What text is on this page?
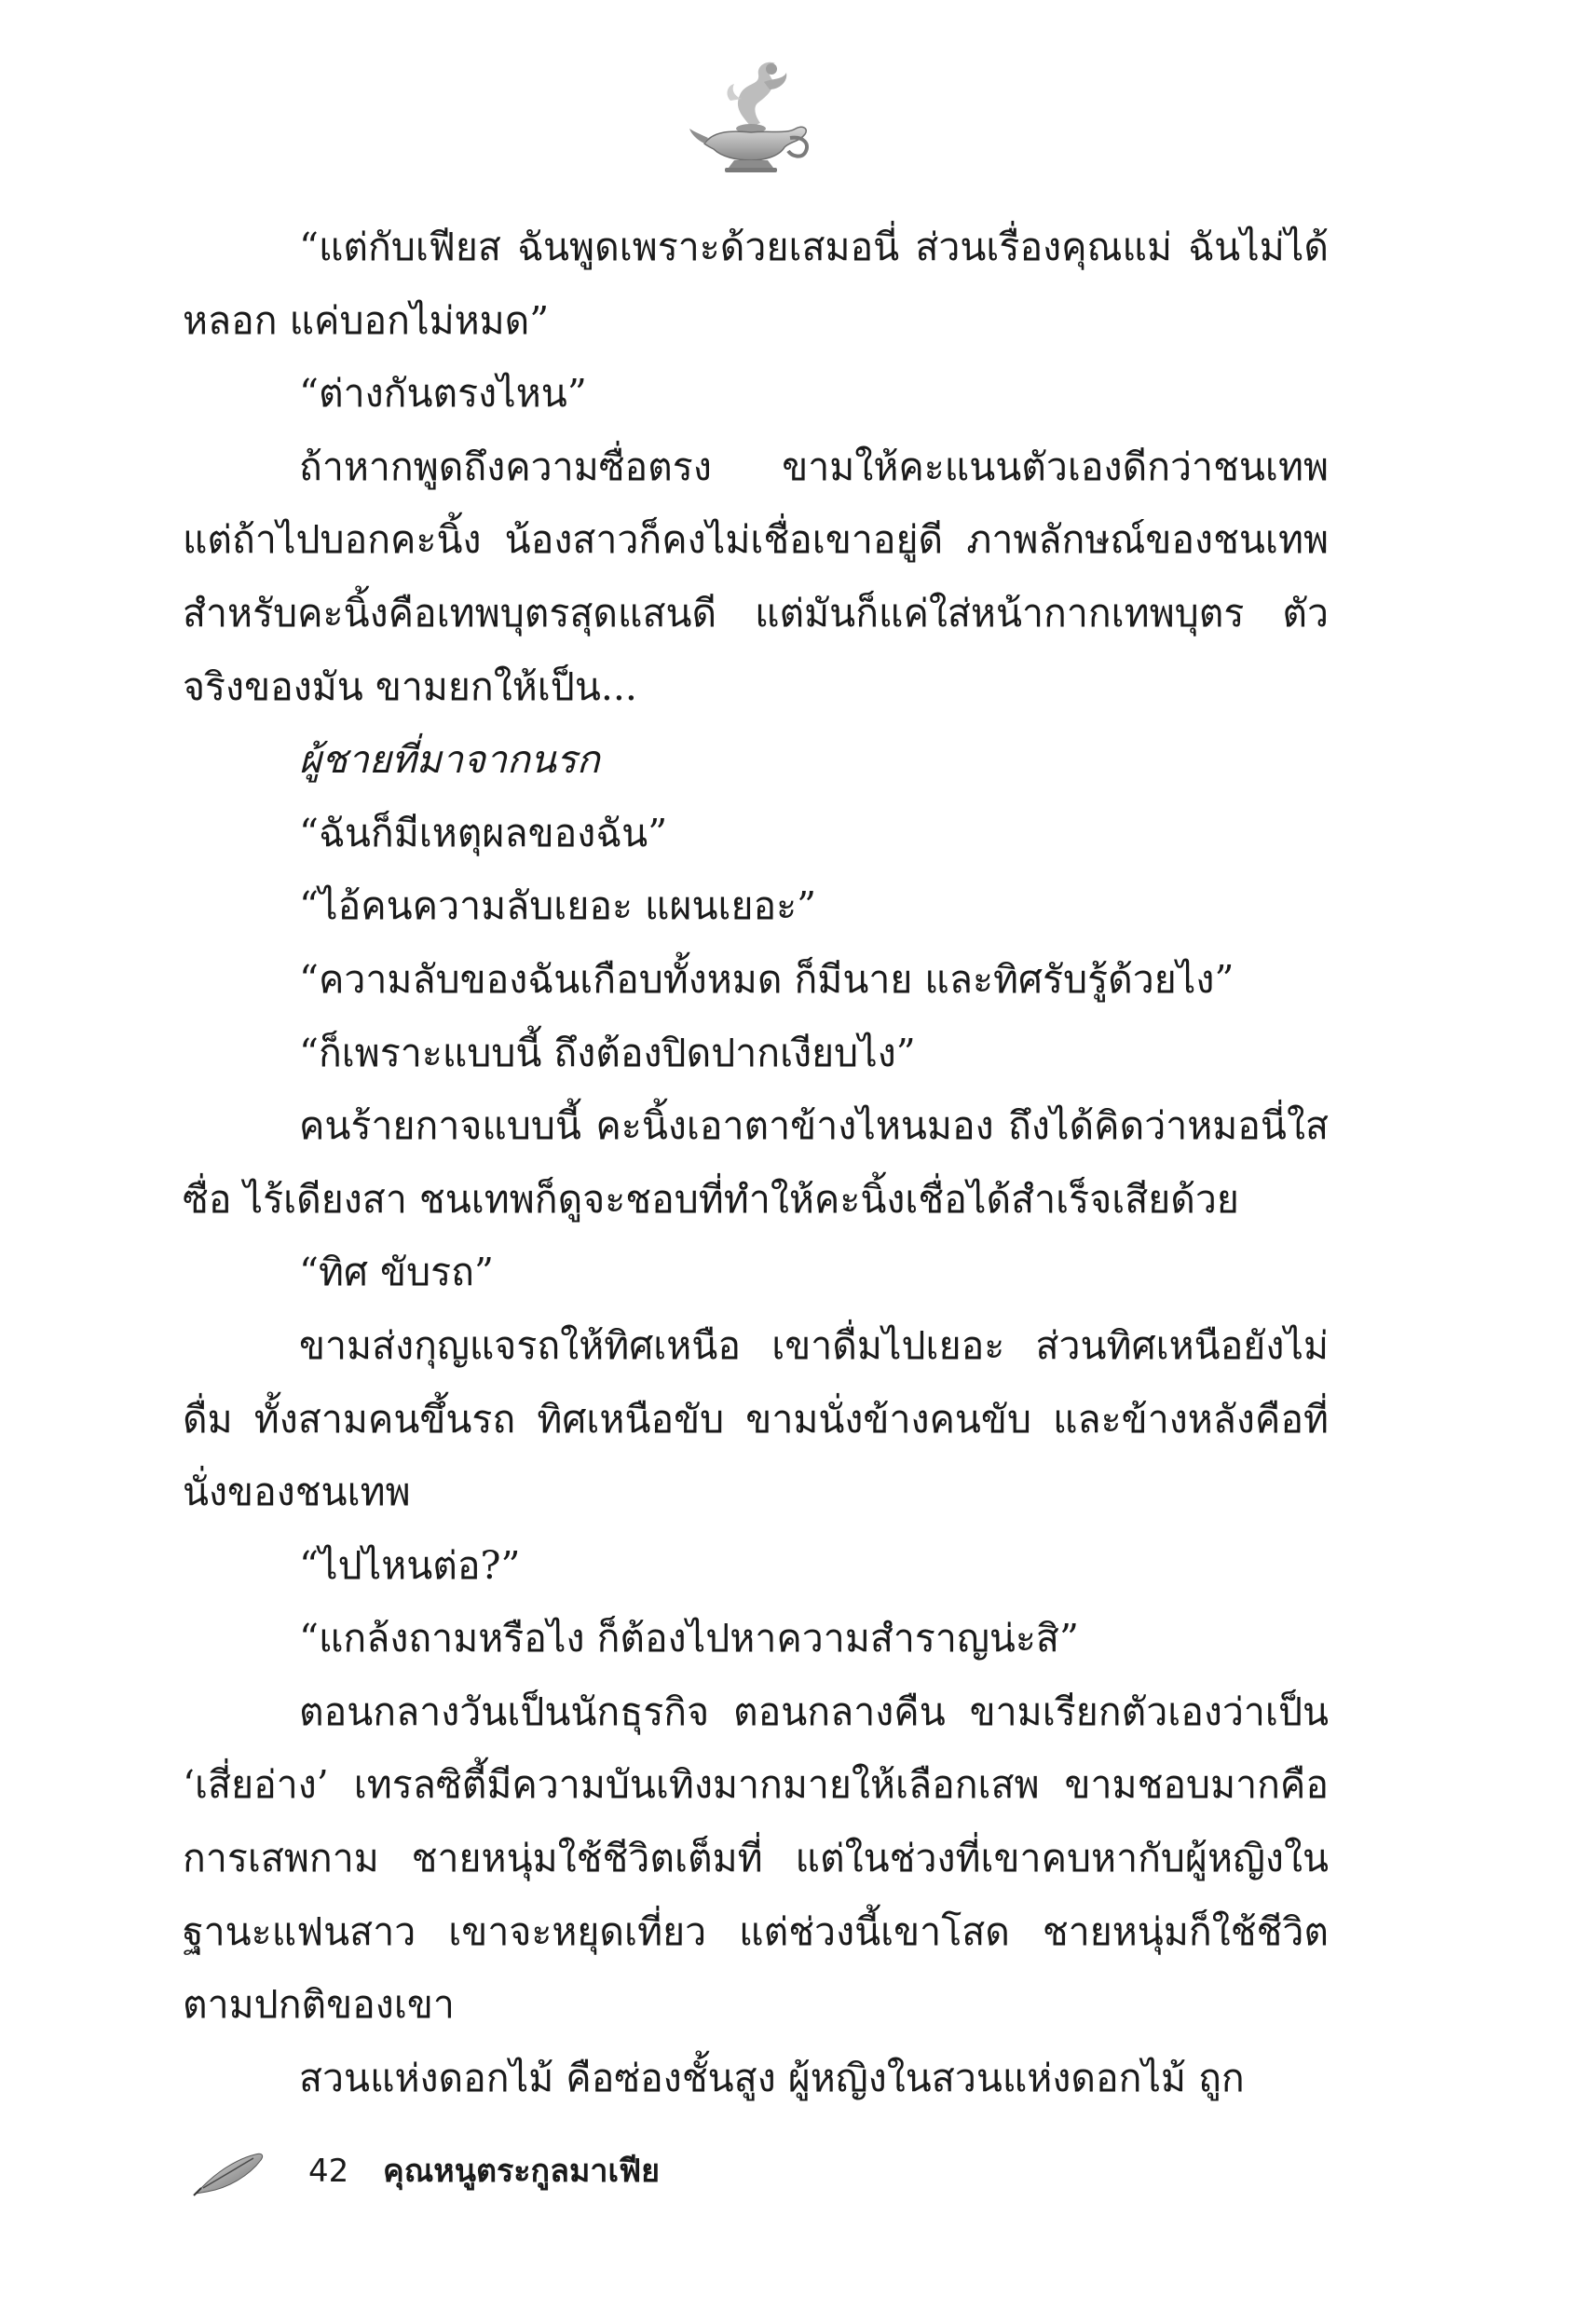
“แต่กับเฟียส ฉันพูดเพราะด้วยเสมอนี่ ส่วนเรื่องคุณแม่ ฉันไม่ได้หลอก แค่บอกไม่หมด”

“ต่างกันตรงไหน”

ถ้าหากพูดถึงความซื่อตรง ขามให้คะแนนตัวเองดีกว่าชนเทพ แต่ถ้าไปบอกคะนิ้ง น้องสาวก็คงไม่เชื่อเขาอยู่ดี ภาพลักษณ์ของชนเทพสำหรับคะนิ้งคือเทพบุตรสุดแสนดี แต่มันก็แค่ใส่หน้ากากเทพบุตร ตัวจริงของมัน ขามยกให้เป็น...

ผู้ชายที่มาจากนรก

“ฉันก็มีเหตุผลของฉัน”

“ไอ้คนความลับเยอะ แผนเยอะ”

“ความลับของฉันเกือบทั้งหมด ก็มีนาย และทิศรับรู้ด้วยไง”

“ก็เพราะแบบนี้ ถึงต้องปิดปากเงียบไง”

คนร้ายกาจแบบนี้ คะนิ้งเอาตาข้างไหนมอง ถึงได้คิดว่าหมอนี่ใสซื่อ ไร้เดียงสา ชนเทพก็ดูจะชอบที่ทำให้คะนิ้งเชื่อได้สำเร็จเสียด้วย

“ทิศ ขับรถ”

ขามส่งกุญแจรถให้ทิศเหนือ เขาดื่มไปเยอะ ส่วนทิศเหนือยังไม่ดื่ม ทั้งสามคนขึ้นรถ ทิศเหนือขับ ขามนั่งข้างคนขับ และข้างหลังคือที่นั่งของชนเทพ

“ไปไหนต่อ?”

“แกล้งถามหรือไง ก็ต้องไปหาความสำราญน่ะสิ”

ตอนกลางวันเป็นนักธุรกิจ ตอนกลางคืน ขามเรียกตัวเองว่าเป็น ‘เสี่ยอ่าง’ เทรลซิตี้มีความบันเทิงมากมายให้เลือกเสพ ขามชอบมากคือการเสพกาม ชายหนุ่มใช้ชีวิตเต็มที่ แต่ในช่วงที่เขาคบหากับผู้หญิงในฐานะแฟนสาว เขาจะหยุดเที่ยว แต่ช่วงนี้เขาโสด ชายหนุ่มก็ใช้ชีวิตตามปกติของเขา

สวนแห่งดอกไม้ คือซ่องชั้นสูง ผู้หญิงในสวนแห่งดอกไม้ ถูก

42 คุณหนูตระกูลมาเฟีย
